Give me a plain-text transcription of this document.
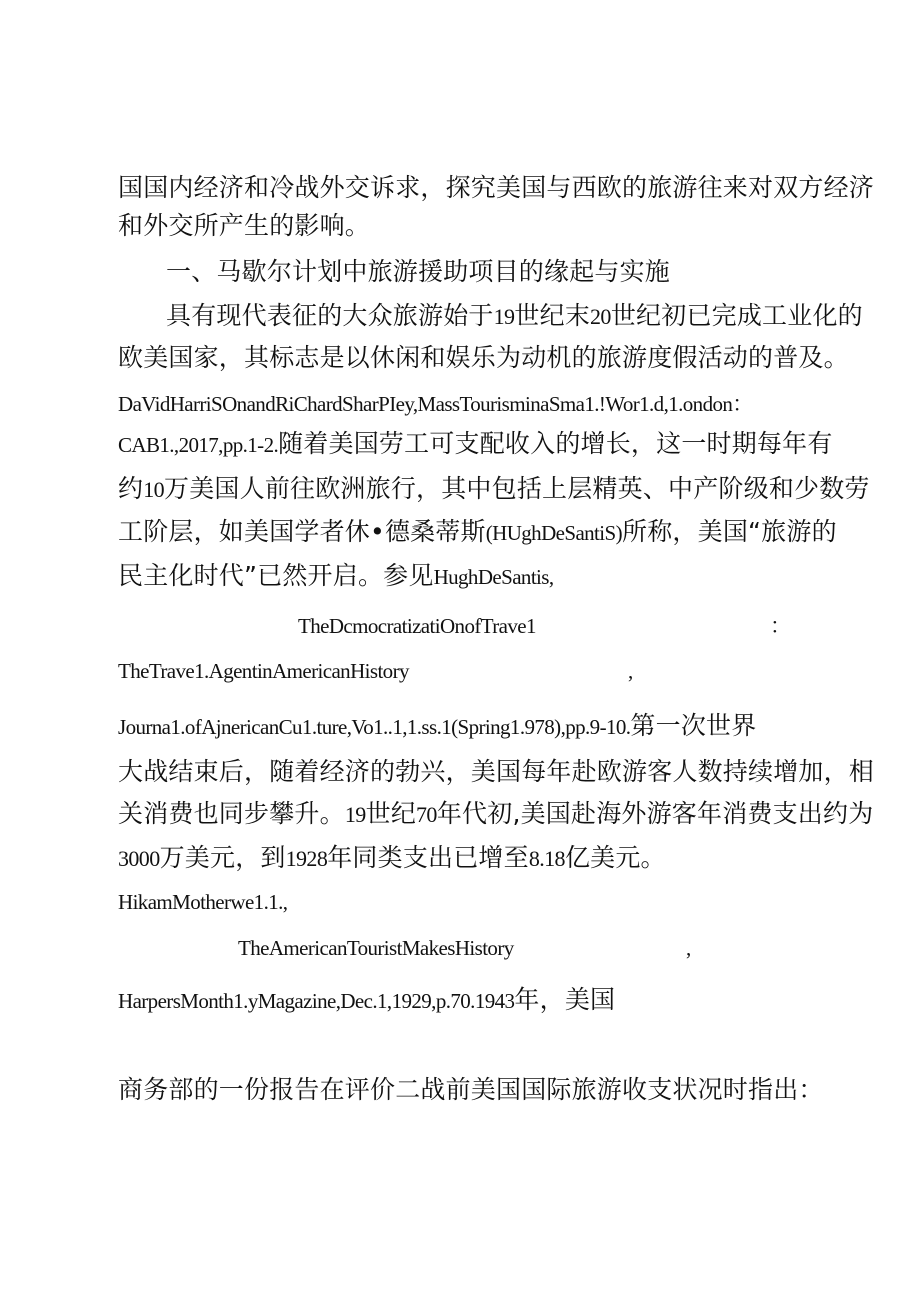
国国内经济和冷战外交诉求，探究美国与西欧的旅游往来对双方经济
和外交所产生的影响。
一、马歇尔计划中旅游援助项目的缘起与实施
具有现代表征的大众旅游始于19世纪末20世纪初已完成工业化的
欧美国家，其标志是以休闲和娱乐为动机的旅游度假活动的普及。
DaVidHarriSOnandRiChardSharPIey,MassTourisminaSma1.!Wor1.d,1.ondon：
CAB1.,2017,pp.1-2.随着美国劳工可支配收入的增长，这一时期每年有
约10万美国人前往欧洲旅行，其中包括上层精英、中产阶级和少数劳
工阶层，如美国学者休•德桑蒂斯(HUghDeSantiS)所称，美国“旅游的
民主化时代”已然开启。参见HughDeSantis,
TheDcmocratizatiOnofTrave1	：
TheTrave1.AgentinAmericanHistory	,
Journa1.ofAjnericanCu1.ture,Vo1..1,1.ss.1(Spring1.978),pp.9-10.第一次世界
大战结束后，随着经济的勃兴，美国每年赴欧游客人数持续增加，相
关消费也同步攀升。19世纪70年代初,美国赴海外游客年消费支出约为
3000万美元，到1928年同类支出已增至8.18亿美元。
HikamMotherwe1.1.,
TheAmericanTouristMakesHistory	,
HarpersMonth1.yMagazine,Dec.1,1929,p.70.1943年，美国
商务部的一份报告在评价二战前美国国际旅游收支状况时指出：
